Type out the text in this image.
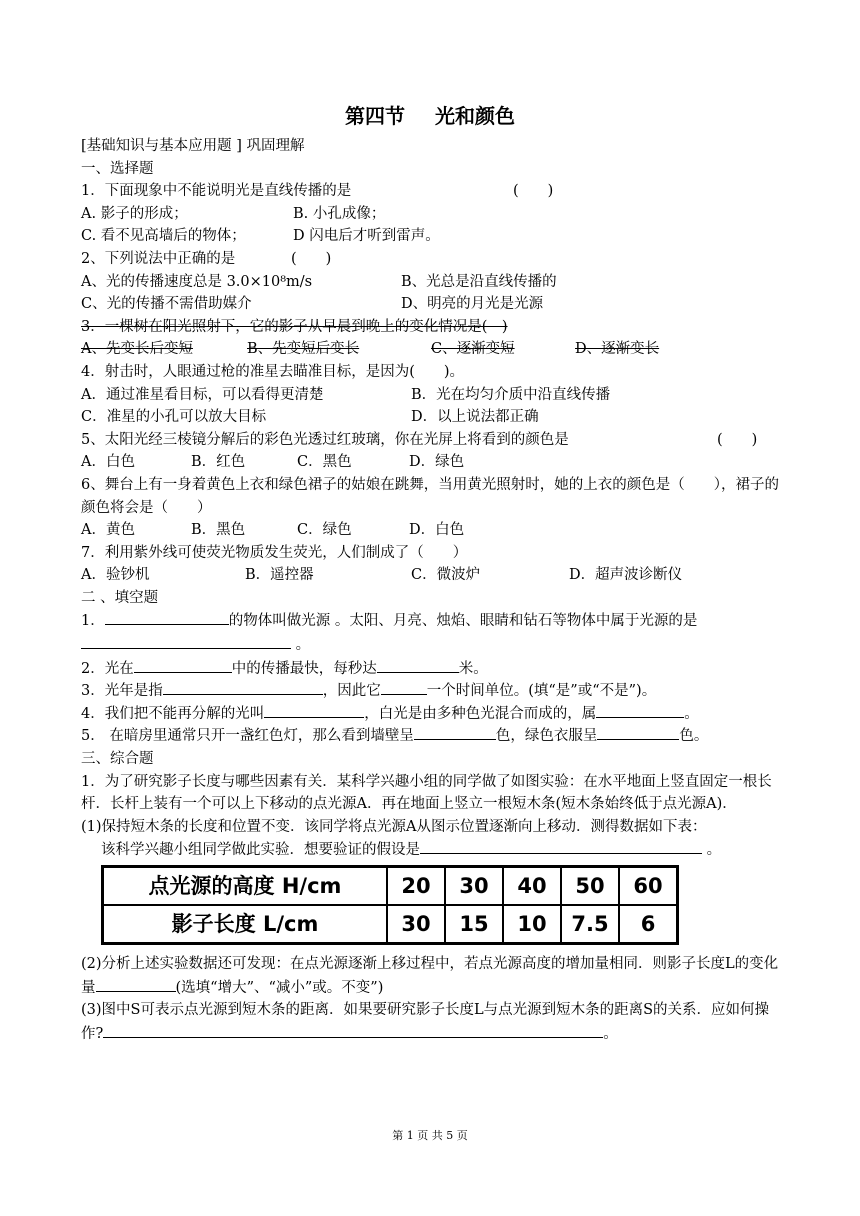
第四节 光和颜色
[基础知识与基本应用题 ] 巩固理解
一、选择题
1．下面现象中不能说明光是直线传播的是	(　　)
A. 影子的形成；	B. 小孔成像；
C. 看不见高墙后的物体；	D 闪电后才听到雷声。
2、下列说法中正确的是	(　　)
A、光的传播速度总是 3.0×10⁸m/s	B、光总是沿直线传播的
C、光的传播不需借助媒介	D、明亮的月光是光源
3．一棵树在阳光照射下，它的影子从早晨到晚上的变化情况是(　)
A、先变长后变短	B、先变短后变长	C、逐渐变短	D、逐渐变长
4．射击时，人眼通过枪的准星去瞄准目标，是因为(　　)。
A．通过准星看目标，可以看得更清楚	B．光在均匀介质中沿直线传播
C．准星的小孔可以放大目标	D．以上说法都正确
5、太阳光经三棱镜分解后的彩色光透过红玻璃，你在光屏上将看到的颜色是	(　　)
A．白色	B．红色	C．黑色	D．绿色
6、舞台上有一身着黄色上衣和绿色裙子的姑娘在跳舞，当用黄光照射时，她的上衣的颜色是（　　），裙子的颜色将会是（　　）
A．黄色	B．黑色	C．绿色	D．白色
7．利用紫外线可使荧光物质发生荧光，人们制成了（　　）
A．验钞机	B．遥控器	C．微波炉	D．超声波诊断仪
二 、填空题
1．	的物体叫做光源 。太阳、月亮、烛焰、眼睛和钻石等物体中属于光源的是 。
2．光在	中的传播最快，每秒达	米。
3．光年是指	，因此它	一个时间单位。(填“是”或“不是”)。
4．我们把不能再分解的光叫	，白光是由多种色光混合而成的，属	。
5． 在暗房里通常只开一盏红色灯，那么看到墙壁呈	色，绿色衣服呈	色。
三、综合题
1．为了研究影子长度与哪些因素有关．某科学兴趣小组的同学做了如图实验：在水平地面上竖直固定一根长杆．长杆上装有一个可以上下移动的点光源A．再在地面上竖立一根短木条(短木条始终低于点光源A)．
(1)保持短木条的长度和位置不变．该同学将点光源A从图示位置逐渐向上移动．测得数据如下表：
该科学兴趣小组同学做此实验．想要验证的假设是	。
点光源的高度 H/cm	20	30	40	50	60
影子长度 L/cm	30	15	10	7.5	6
(2)分析上述实验数据还可发现：在点光源逐渐上移过程中，若点光源高度的增加量相同．则影子长度L的变化量	(选填“增大”、“减小”或。不变”)
(3)图中S可表示点光源到短木条的距离．如果要研究影子长度L与点光源到短木条的距离S的关系．应如何操作?	。
第 1 页 共 5 页
